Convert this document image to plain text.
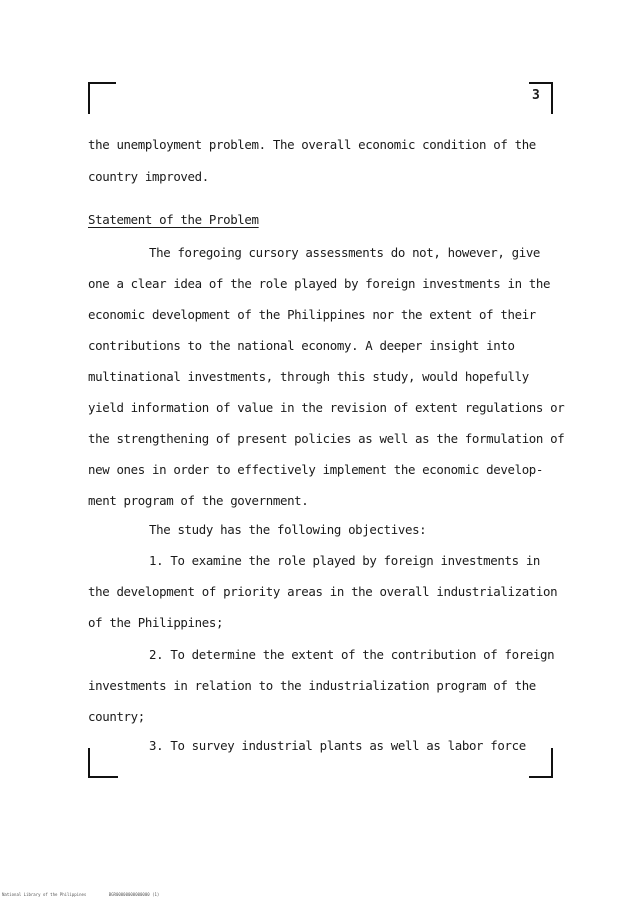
3
the unemployment problem. The overall economic condition of the
country improved.
Statement of the Problem
The foregoing cursory assessments do not, however, give
one a clear idea of the role played by foreign investments in the
economic development of the Philippines nor the extent of their
contributions to the national economy. A deeper insight into
multinational investments, through this study, would hopefully
yield information of value in the revision of extent regulations or
the strengthening of present policies as well as the formulation of
new ones in order to effectively implement the economic develop-
ment program of the government.
The study has the following objectives:
1. To examine the role played by foreign investments in
the development of priority areas in the overall industrialization
of the Philippines;
2. To determine the extent of the contribution of foreign
investments in relation to the industrialization program of the
country;
3. To survey industrial plants as well as labor force
National Library of the Philippines	BGR00000000000000 (1)
